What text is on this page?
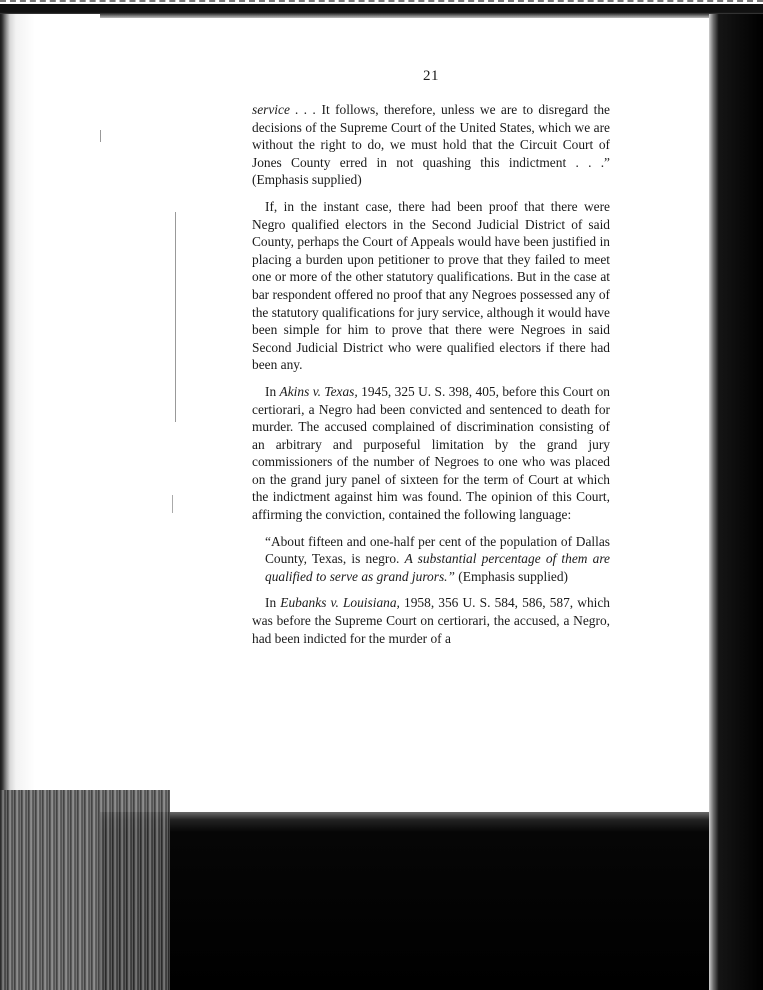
21

service . . . It follows, therefore, unless we are to disregard the decisions of the Supreme Court of the United States, which we are without the right to do, we must hold that the Circuit Court of Jones County erred in not quashing this indictment . . .” (Emphasis supplied)

If, in the instant case, there had been proof that there were Negro qualified electors in the Second Judicial District of said County, perhaps the Court of Appeals would have been justified in placing a burden upon petitioner to prove that they failed to meet one or more of the other statutory qualifications. But in the case at bar respondent offered no proof that any Negroes possessed any of the statutory qualifications for jury service, although it would have been simple for him to prove that there were Negroes in said Second Judicial District who were qualified electors if there had been any.

In Akins v. Texas, 1945, 325 U. S. 398, 405, before this Court on certiorari, a Negro had been convicted and sentenced to death for murder. The accused complained of discrimination consisting of an arbitrary and purposeful limitation by the grand jury commissioners of the number of Negroes to one who was placed on the grand jury panel of sixteen for the term of Court at which the indictment against him was found. The opinion of this Court, affirming the conviction, contained the following language:

“About fifteen and one-half per cent of the population of Dallas County, Texas, is negro. A substantial percentage of them are qualified to serve as grand jurors.” (Emphasis supplied)

In Eubanks v. Louisiana, 1958, 356 U. S. 584, 586, 587, which was before the Supreme Court on certiorari, the accused, a Negro, had been indicted for the murder of a
